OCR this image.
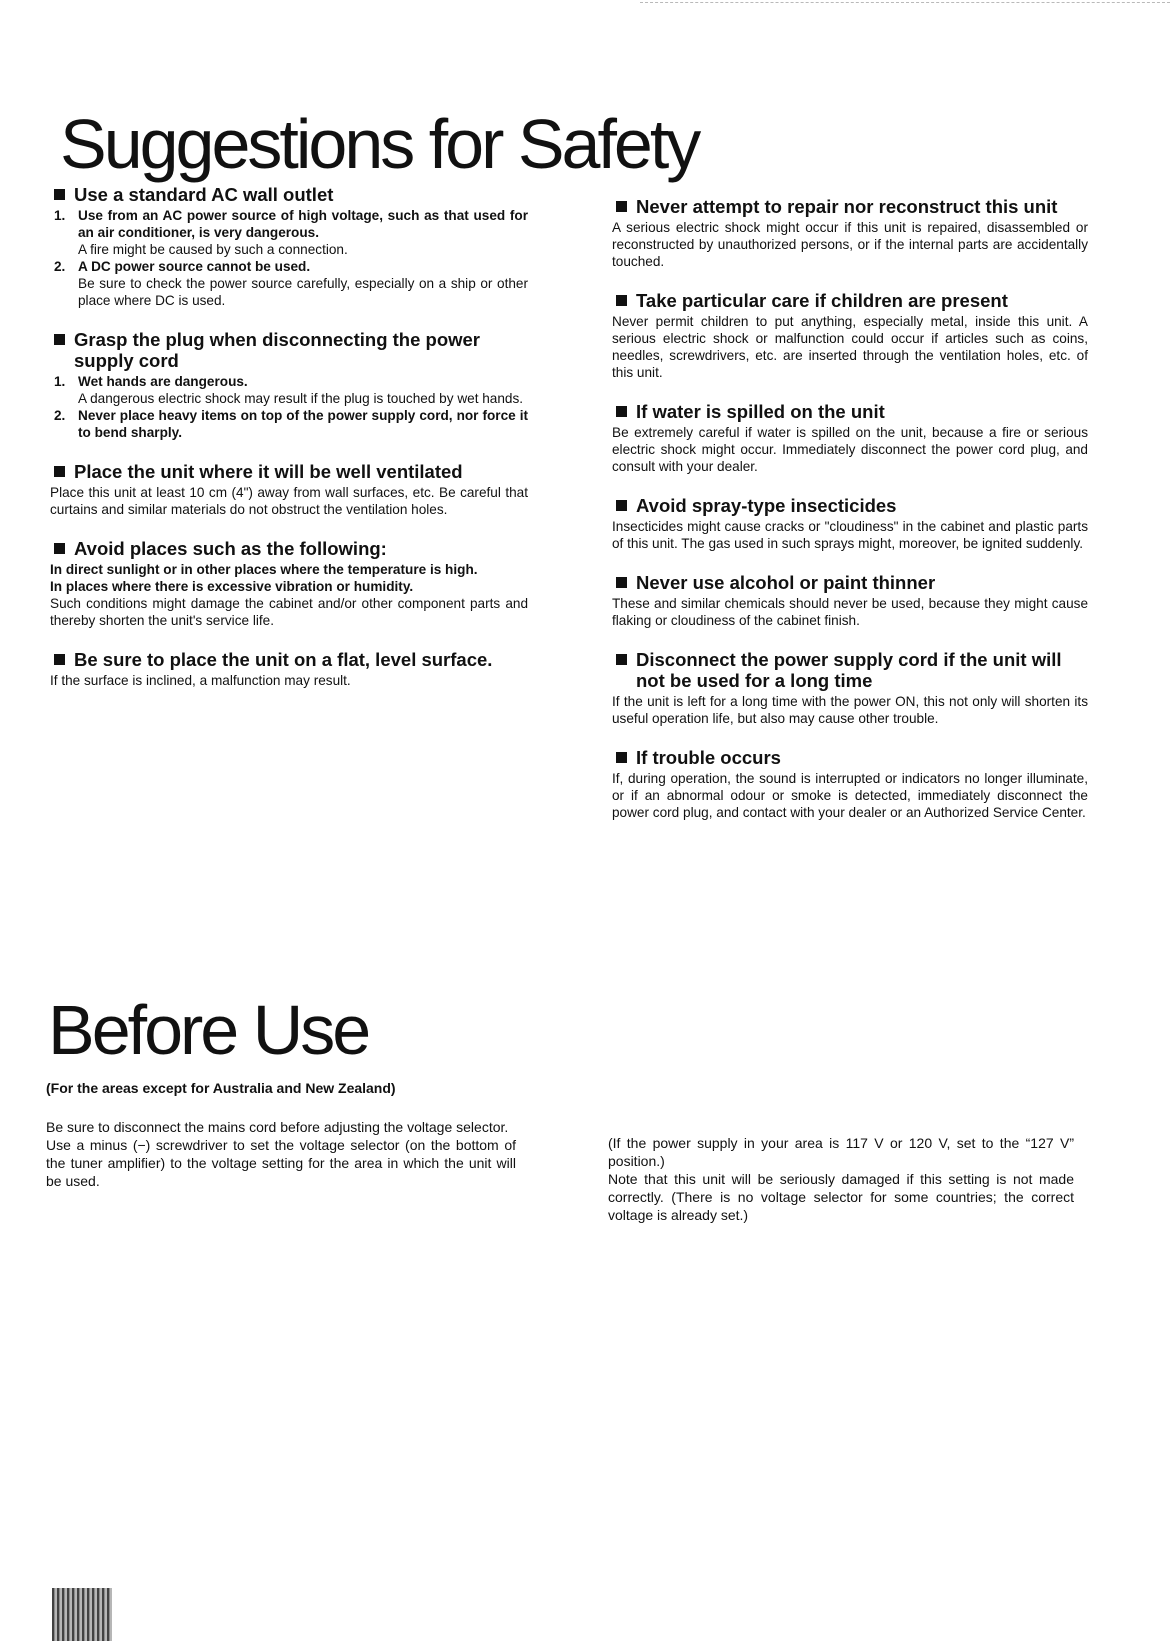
Suggestions for Safety
Use a standard AC wall outlet
1. Use from an AC power source of high voltage, such as that used for an air conditioner, is very dangerous.
A fire might be caused by such a connection.
2. A DC power source cannot be used.
Be sure to check the power source carefully, especially on a ship or other place where DC is used.
Grasp the plug when disconnecting the power supply cord
1. Wet hands are dangerous.
A dangerous electric shock may result if the plug is touched by wet hands.
2. Never place heavy items on top of the power supply cord, nor force it to bend sharply.
Place the unit where it will be well ventilated

Place this unit at least 10 cm (4") away from wall surfaces, etc. Be careful that curtains and similar materials do not obstruct the ventilation holes.

Avoid places such as the following:

In direct sunlight or in other places where the temperature is high.

In places where there is excessive vibration or humidity.

Such conditions might damage the cabinet and/or other component parts and thereby shorten the unit's service life.

Be sure to place the unit on a flat, level surface.

If the surface is inclined, a malfunction may result.

Never attempt to repair nor reconstruct this unit

A serious electric shock might occur if this unit is repaired, disassembled or reconstructed by unauthorized persons, or if the internal parts are accidentally touched.

Take particular care if children are present

Never permit children to put anything, especially metal, inside this unit. A serious electric shock or malfunction could occur if articles such as coins, needles, screwdrivers, etc. are inserted through the ventilation holes, etc. of this unit.

If water is spilled on the unit

Be extremely careful if water is spilled on the unit, because a fire or serious electric shock might occur. Immediately disconnect the power cord plug, and consult with your dealer.

Avoid spray-type insecticides

Insecticides might cause cracks or "cloudiness" in the cabinet and plastic parts of this unit. The gas used in such sprays might, moreover, be ignited suddenly.

Never use alcohol or paint thinner

These and similar chemicals should never be used, because they might cause flaking or cloudiness of the cabinet finish.

Disconnect the power supply cord if the unit will not be used for a long time

If the unit is left for a long time with the power ON, this not only will shorten its useful operation life, but also may cause other trouble.

If trouble occurs

If, during operation, the sound is interrupted or indicators no longer illuminate, or if an abnormal odour or smoke is detected, immediately disconnect the power cord plug, and contact with your dealer or an Authorized Service Center.

Before Use

(For the areas except for Australia and New Zealand)

Be sure to disconnect the mains cord before adjusting the voltage selector.

Use a minus (−) screwdriver to set the voltage selector (on the bottom of the tuner amplifier) to the voltage setting for the area in which the unit will be used.

(If the power supply in your area is 117 V or 120 V, set to the “127 V” position.)

Note that this unit will be seriously damaged if this setting is not made correctly. (There is no voltage selector for some countries; the correct voltage is already set.)
